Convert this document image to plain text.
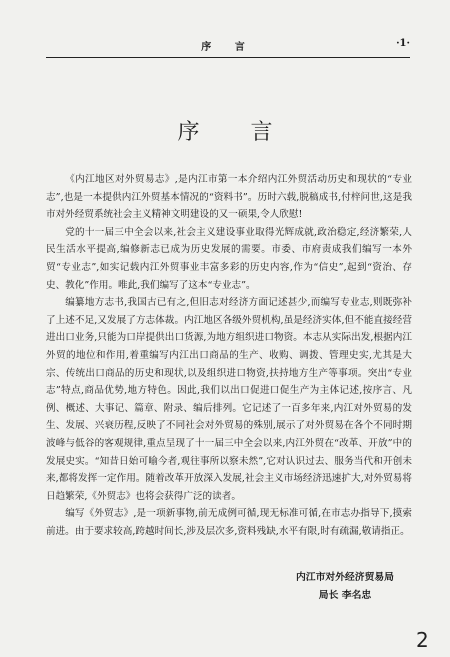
序 言	·1·
序 言

《内江地区对外贸易志》,是内江市第一本介绍内江外贸活动历史和现状的“专业志”,也是一本提供内江外贸基本情况的“资料书”。历时六载,脱稿成书,付梓问世,这是我市对外经贸系统社会主义精神文明建设的又一硕果,令人欣慰!

党的十一届三中全会以来,社会主义建设事业取得光辉成就,政治稳定,经济繁荣,人民生活水平提高,编修新志已成为历史发展的需要。市委、市府责成我们编写一本外贸“专业志”,如实记载内江外贸事业丰富多彩的历史内容,作为“信史”,起到“资治、存史、教化”作用。唯此,我们编写了这本“专业志”。

编纂地方志书,我国古已有之,但旧志对经济方面记述甚少,而编写专业志,则既弥补了上述不足,又发展了方志体裁。内江地区各级外贸机构,虽是经济实体,但不能直接经营进出口业务,只能为口岸提供出口货源,为地方组织进口物资。本志从实际出发,根据内江外贸的地位和作用,着重编写内江出口商品的生产、收购、调拨、管理史实,尤其是大宗、传统出口商品的历史和现状,以及组织进口物资,扶持地方生产等事项。突出“专业志”特点,商品优势,地方特色。因此,我们以出口促进口促生产为主体记述,按序言、凡例、概述、大事记、篇章、附录、编后排列。它记述了一百多年来,内江对外贸易的发生、发展、兴衰历程,反映了不同社会对外贸易的殊别,展示了对外贸易在各个不同时期波峰与低谷的客观规律,重点呈现了十一届三中全会以来,内江外贸在“改革、开放”中的发展史实。“知昔日始可喻今者,观往事所以察未然”,它对认识过去、服务当代和开创未来,都将发挥一定作用。随着改革开放深入发展,社会主义市场经济迅速扩大,对外贸易将日趋繁荣,《外贸志》也将会获得广泛的读者。

编写《外贸志》,是一项新事物,前无成例可循,现无标准可循,在市志办指导下,摸索前进。由于要求较高,跨越时间长,涉及层次多,资料残缺,水平有限,时有疏漏,敬请指正。

内江市对外经济贸易局
局长 李名忠
2
